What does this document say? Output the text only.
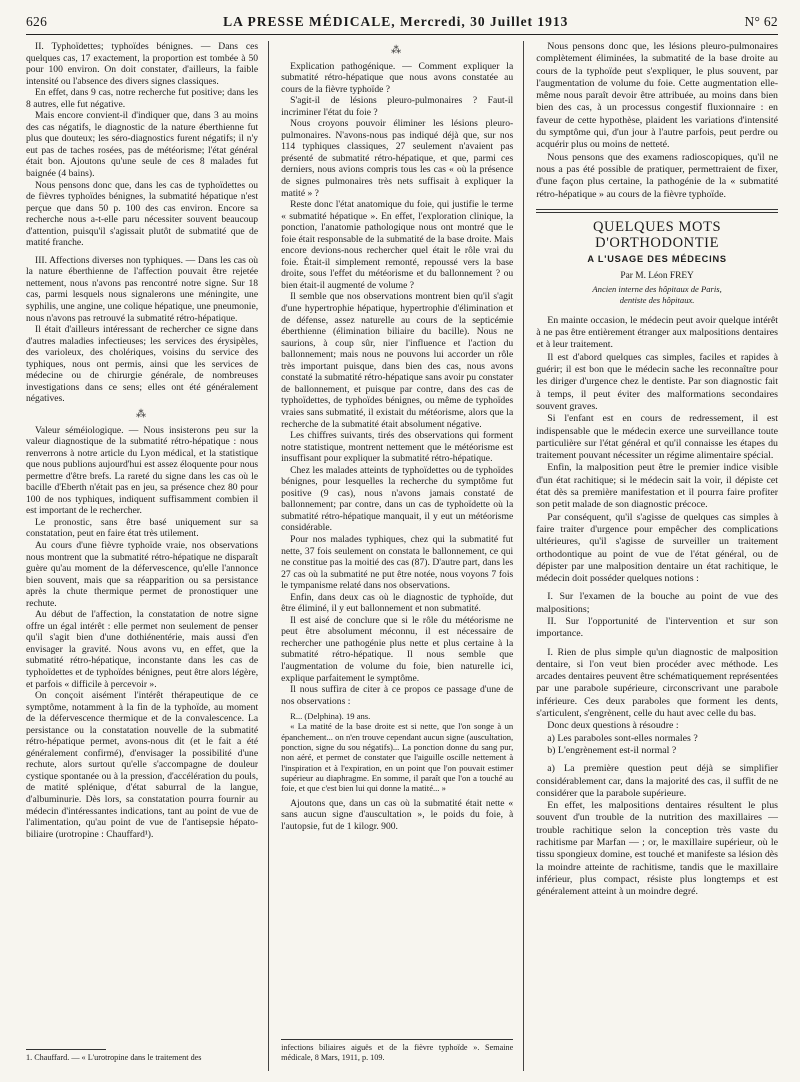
626	LA PRESSE MÉDICALE, Mercredi, 30 Juillet 1913	N° 62

II. Typhoïdettes; typhoïdes bénignes. — Dans ces quelques cas, 17 exactement, la proportion est tombée à 50 pour 100 environ. On doit constater, d'ailleurs, la faible intensité ou l'absence des divers signes classiques.

En effet, dans 9 cas, notre recherche fut positive; dans les 8 autres, elle fut négative.

Mais encore convient-il d'indiquer que, dans 3 au moins des cas négatifs, le diagnostic de la nature éberthienne fut plus que douteux; les séro-diagnostics furent négatifs; il n'y eut pas de taches rosées, pas de météorisme; l'état général était bon. Ajoutons qu'une seule de ces 8 malades fut baignée (4 bains).

Nous pensons donc que, dans les cas de typhoïdettes ou de fièvres typhoïdes bénignes, la submatité hépatique n'est perçue que dans 50 p. 100 des cas environ. Encore sa recherche nous a-t-elle paru nécessiter souvent beaucoup d'attention, puisqu'il s'agissait plutôt de submatité que de matité franche.

III. Affections diverses non typhiques. — Dans les cas où la nature éberthienne de l'affection pouvait être rejetée nettement, nous n'avons pas rencontré notre signe. Sur 18 cas, parmi lesquels nous signalerons une méningite, une syphilis, une angine, une colique hépatique, une pneumonie, nous n'avons pas retrouvé la submatité rétro-hépatique.

Il était d'ailleurs intéressant de rechercher ce signe dans d'autres maladies infectieuses; les services des érysipèles, des varioleux, des cholériques, voisins du service des typhiques, nous ont permis, ainsi que les services de médecine ou de chirurgie générale, de nombreuses investigations dans ce sens; elles ont été généralement négatives.

⁂

Valeur séméiologique. — Nous insisterons peu sur la valeur diagnostique de la submatité rétro-hépatique : nous renverrons à notre article du Lyon médical, et la statistique que nous publions aujourd'hui est assez éloquente pour nous permettre d'être brefs. La rareté du signe dans les cas où le bacille d'Eberth n'était pas en jeu, sa présence chez 80 pour 100 de nos typhiques, indiquent suffisamment combien il est important de le rechercher.

Le pronostic, sans être basé uniquement sur sa constatation, peut en faire état très utilement.

Au cours d'une fièvre typhoïde vraie, nos observations nous montrent que la submatité rétro-hépatique ne disparaît guère qu'au moment de la défervescence, qu'elle l'annonce bien souvent, mais que sa réapparition ou sa persistance après la chute thermique permet de pronostiquer une rechute.

Au début de l'affection, la constatation de notre signe offre un égal intérêt : elle permet non seulement de penser qu'il s'agit bien d'une dothiénentérie, mais aussi d'en envisager la gravité. Nous avons vu, en effet, que la submatité rétro-hépatique, inconstante dans les cas de typhoïdettes et de typhoïdes bénignes, peut être alors légère, et parfois « difficile à percevoir ».

On conçoit aisément l'intérêt thérapeutique de ce symptôme, notamment à la fin de la typhoïde, au moment de la défervescence thermique et de la convalescence. La persistance ou la constatation nouvelle de la submatité rétro-hépatique permet, avons-nous dit (et le fait a été généralement confirmé), d'envisager la possibilité d'une rechute, alors surtout qu'elle s'accompagne de douleur cystique spontanée ou à la pression, d'accélération du pouls, de matité splénique, d'état saburral de la langue, d'albuminurie. Dès lors, sa constatation pourra fournir au médecin d'intéressantes indications, tant au point de vue de l'alimentation, qu'au point de vue de l'antisepsie hépato-biliaire (urotropine : Chauffard¹).

1. Chauffard. — « L'urotropine dans le traitement des

⁂

Explication pathogénique. — Comment expliquer la submatité rétro-hépatique que nous avons constatée au cours de la fièvre typhoïde ?

S'agit-il de lésions pleuro-pulmonaires ? Faut-il incriminer l'état du foie ?

Nous croyons pouvoir éliminer les lésions pleuro-pulmonaires. N'avons-nous pas indiqué déjà que, sur nos 114 typhiques classiques, 27 seulement n'avaient pas présenté de submatité rétro-hépatique, et que, parmi ces derniers, nous avions compris tous les cas « où la présence de signes pulmonaires très nets suffisait à expliquer la matité » ?

Reste donc l'état anatomique du foie, qui justifie le terme « submatité hépatique ». En effet, l'exploration clinique, la ponction, l'anatomie pathologique nous ont montré que le foie était responsable de la submatité de la base droite. Mais encore devions-nous rechercher quel était le rôle vrai du foie. Était-il simplement remonté, repoussé vers la base droite, sous l'effet du météorisme et du ballonnement ? ou bien était-il augmenté de volume ?

Il semble que nos observations montrent bien qu'il s'agit d'une hypertrophie hépatique, hypertrophie d'élimination et de défense, assez naturelle au cours de la septicémie éberthienne (élimination biliaire du bacille). Nous ne saurions, à coup sûr, nier l'influence et l'action du ballonnement; mais nous ne pouvons lui accorder un rôle très important puisque, dans bien des cas, nous avons constaté la submatité rétro-hépatique sans avoir pu constater de ballonnement, et puisque par contre, dans des cas de typhoïdettes, de typhoïdes bénignes, ou même de typhoïdes vraies sans submatité, il existait du météorisme, alors que la recherche de la submatité était absolument négative.

Les chiffres suivants, tirés des observations qui forment notre statistique, montrent nettement que le météorisme est insuffisant pour expliquer la submatité rétro-hépatique.

Chez les malades atteints de typhoïdettes ou de typhoïdes bénignes, pour lesquelles la recherche du symptôme fut positive (9 cas), nous n'avons jamais constaté de ballonnement; par contre, dans un cas de typhoïdette où la submatité rétro-hépatique manquait, il y eut un météorisme considérable.

Pour nos malades typhiques, chez qui la submatité fut nette, 37 fois seulement on constata le ballonnement, ce qui ne constitue pas la moitié des cas (87). D'autre part, dans les 27 cas où la submatité ne put être notée, nous voyons 7 fois le tympanisme relaté dans nos observations.

Enfin, dans deux cas où le diagnostic de typhoïde, dut être éliminé, il y eut ballonnement et non submatité.

Il est aisé de conclure que si le rôle du météorisme ne peut être absolument méconnu, il est nécessaire de rechercher une pathogénie plus nette et plus certaine à la submatité rétro-hépatique. Il nous semble que l'augmentation de volume du foie, bien naturelle ici, explique parfaitement le symptôme.

Il nous suffira de citer à ce propos ce passage d'une de nos observations :

R... (Delphina). 19 ans.

« La matité de la base droite est si nette, que l'on songe à un épanchement... on n'en trouve cependant aucun signe (auscultation, ponction, signe du sou négatifs)... La ponction donne du sang pur, non aéré, et permet de constater que l'aiguille oscille nettement à l'inspiration et à l'expiration, en un point que l'on pouvait estimer supérieur au diaphragme. En somme, il paraît que l'on a touché au foie, et que c'est bien lui qui donne la matité... »

Ajoutons que, dans un cas où la submatité était nette « sans aucun signe d'auscultation », le poids du foie, à l'autopsie, fut de 1 kilogr. 900.

infections biliaires aiguës et de la fièvre typhoïde ». Semaine médicale, 8 Mars, 1911, p. 109.

Nous pensons donc que, les lésions pleuro-pulmonaires complètement éliminées, la submatité de la base droite au cours de la typhoïde peut s'expliquer, le plus souvent, par l'augmentation de volume du foie. Cette augmentation elle-même nous paraît devoir être attribuée, au moins dans bien bien des cas, à un processus congestif fluxionnaire : en faveur de cette hypothèse, plaident les variations d'intensité du symptôme qui, d'un jour à l'autre parfois, peut perdre ou acquérir plus ou moins de netteté.

Nous pensons que des examens radioscopiques, qu'il ne nous a pas été possible de pratiquer, permettraient de fixer, d'une façon plus certaine, la pathogénie de la « submatité rétro-hépatique » au cours de la fièvre typhoïde.

QUELQUES MOTS D'ORTHODONTIE
A L'USAGE DES MÉDECINS
Par M. Léon FREY
Ancien interne des hôpitaux de Paris,
dentiste des hôpitaux.

En mainte occasion, le médecin peut avoir quelque intérêt à ne pas être entièrement étranger aux malpositions dentaires et à leur traitement.

Il est d'abord quelques cas simples, faciles et rapides à guérir; il est bon que le médecin sache les reconnaître pour les diriger d'urgence chez le dentiste. Par son diagnostic fait à temps, il peut éviter des malformations secondaires souvent graves.

Si l'enfant est en cours de redressement, il est indispensable que le médecin exerce une surveillance toute particulière sur l'état général et qu'il connaisse les étapes du traitement pouvant nécessiter un régime alimentaire spécial.

Enfin, la malposition peut être le premier indice visible d'un état rachitique; si le médecin sait la voir, il dépiste cet état dès sa première manifestation et il pourra faire profiter son petit malade de son diagnostic précoce.

Par conséquent, qu'il s'agisse de quelques cas simples à faire traiter d'urgence pour empêcher des complications ultérieures, qu'il s'agisse de surveiller un traitement orthodontique au point de vue de l'état général, ou de dépister par une malposition dentaire un état rachitique, le médecin doit posséder quelques notions :

I. Sur l'examen de la bouche au point de vue des malpositions;

II. Sur l'opportunité de l'intervention et sur son importance.

I. Rien de plus simple qu'un diagnostic de malposition dentaire, si l'on veut bien procéder avec méthode. Les arcades dentaires peuvent être schématiquement représentées par une parabole supérieure, circonscrivant une parabole inférieure. Ces deux paraboles que forment les dents, s'articulent, s'engrènent, celle du haut avec celle du bas.

Donc deux questions à résoudre :

a) Les paraboles sont-elles normales ?

b) L'engrènement est-il normal ?

a) La première question peut déjà se simplifier considérablement car, dans la majorité des cas, il suffit de ne considérer que la parabole supérieure.

En effet, les malpositions dentaires résultent le plus souvent d'un trouble de la nutrition des maxillaires — trouble rachitique selon la conception très vaste du rachitisme par Marfan — ; or, le maxillaire supérieur, où le tissu spongieux domine, est touché et manifeste sa lésion dès la moindre atteinte de rachitisme, tandis que le maxillaire inférieur, plus compact, résiste plus longtemps et est généralement atteint à un moindre degré.
